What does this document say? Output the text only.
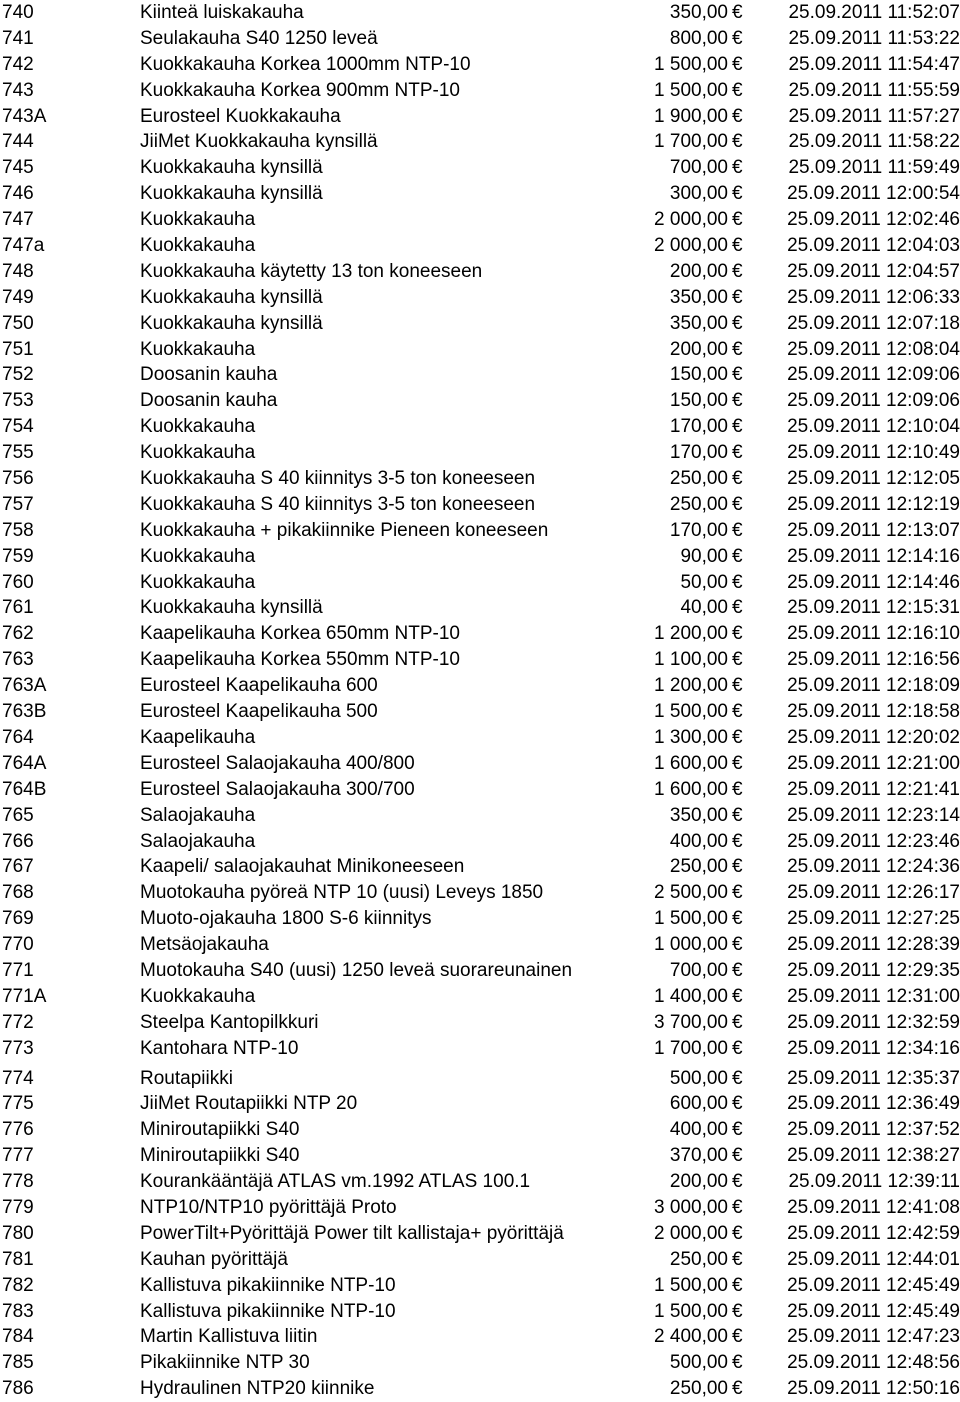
740	Kiinteä luiskakauha	350,00 € 25.09.2011 11:52:07
741	Seulakauha S40 1250 leveä	800,00 € 25.09.2011 11:53:22
742	Kuokkakauha Korkea 1000mm NTP-10	1 500,00 € 25.09.2011 11:54:47
743	Kuokkakauha Korkea 900mm NTP-10	1 500,00 € 25.09.2011 11:55:59
743A	Eurosteel Kuokkakauha	1 900,00 € 25.09.2011 11:57:27
744	JiiMet Kuokkakauha kynsillä	1 700,00 € 25.09.2011 11:58:22
745	Kuokkakauha kynsillä	700,00 € 25.09.2011 11:59:49
746	Kuokkakauha kynsillä	300,00 € 25.09.2011 12:00:54
747	Kuokkakauha	2 000,00 € 25.09.2011 12:02:46
747a	Kuokkakauha	2 000,00 € 25.09.2011 12:04:03
748	Kuokkakauha käytetty 13 ton koneeseen	200,00 € 25.09.2011 12:04:57
749	Kuokkakauha kynsillä	350,00 € 25.09.2011 12:06:33
750	Kuokkakauha kynsillä	350,00 € 25.09.2011 12:07:18
751	Kuokkakauha	200,00 € 25.09.2011 12:08:04
752	Doosanin kauha	150,00 € 25.09.2011 12:09:06
753	Doosanin kauha	150,00 € 25.09.2011 12:09:06
754	Kuokkakauha	170,00 € 25.09.2011 12:10:04
755	Kuokkakauha	170,00 € 25.09.2011 12:10:49
756	Kuokkakauha S 40 kiinnitys 3-5 ton koneeseen	250,00 € 25.09.2011 12:12:05
757	Kuokkakauha S 40 kiinnitys 3-5 ton koneeseen	250,00 € 25.09.2011 12:12:19
758	Kuokkakauha + pikakiinnike Pieneen koneeseen	170,00 € 25.09.2011 12:13:07
759	Kuokkakauha	90,00 € 25.09.2011 12:14:16
760	Kuokkakauha	50,00 € 25.09.2011 12:14:46
761	Kuokkakauha kynsillä	40,00 € 25.09.2011 12:15:31
762	Kaapelikauha Korkea 650mm NTP-10	1 200,00 € 25.09.2011 12:16:10
763	Kaapelikauha Korkea 550mm NTP-10	1 100,00 € 25.09.2011 12:16:56
763A	Eurosteel Kaapelikauha 600	1 200,00 € 25.09.2011 12:18:09
763B	Eurosteel Kaapelikauha 500	1 500,00 € 25.09.2011 12:18:58
764	Kaapelikauha	1 300,00 € 25.09.2011 12:20:02
764A	Eurosteel Salaojakauha 400/800	1 600,00 € 25.09.2011 12:21:00
764B	Eurosteel Salaojakauha 300/700	1 600,00 € 25.09.2011 12:21:41
765	Salaojakauha	350,00 € 25.09.2011 12:23:14
766	Salaojakauha	400,00 € 25.09.2011 12:23:46
767	Kaapeli/ salaojakauhat Minikoneeseen	250,00 € 25.09.2011 12:24:36
768	Muotokauha pyöreä NTP 10 (uusi) Leveys 1850	2 500,00 € 25.09.2011 12:26:17
769	Muoto-ojakauha 1800 S-6 kiinnitys	1 500,00 € 25.09.2011 12:27:25
770	Metsäojakauha	1 000,00 € 25.09.2011 12:28:39
771	Muotokauha S40 (uusi) 1250 leveä suorareunainen	700,00 € 25.09.2011 12:29:35
771A	Kuokkakauha	1 400,00 € 25.09.2011 12:31:00
772	Steelpa Kantopilkkuri	3 700,00 € 25.09.2011 12:32:59
773	Kantohara NTP-10	1 700,00 € 25.09.2011 12:34:16
774	Routapiikki	500,00 € 25.09.2011 12:35:37
775	JiiMet Routapiikki NTP 20	600,00 € 25.09.2011 12:36:49
776	Miniroutapiikki S40	400,00 € 25.09.2011 12:37:52
777	Miniroutapiikki S40	370,00 € 25.09.2011 12:38:27
778	Kourankääntäjä ATLAS vm.1992 ATLAS 100.1	200,00 € 25.09.2011 12:39:11
779	NTP10/NTP10 pyörittäjä Proto	3 000,00 € 25.09.2011 12:41:08
780	PowerTilt+Pyörittäjä Power tilt kallistaja+ pyörittäjä	2 000,00 € 25.09.2011 12:42:59
781	Kauhan pyörittäjä	250,00 € 25.09.2011 12:44:01
782	Kallistuva pikakiinnike NTP-10	1 500,00 € 25.09.2011 12:45:49
783	Kallistuva pikakiinnike NTP-10	1 500,00 € 25.09.2011 12:45:49
784	Martin Kallistuva liitin	2 400,00 € 25.09.2011 12:47:23
785	Pikakiinnike NTP 30	500,00 € 25.09.2011 12:48:56
786	Hydraulinen NTP20 kiinnike	250,00 € 25.09.2011 12:50:16
